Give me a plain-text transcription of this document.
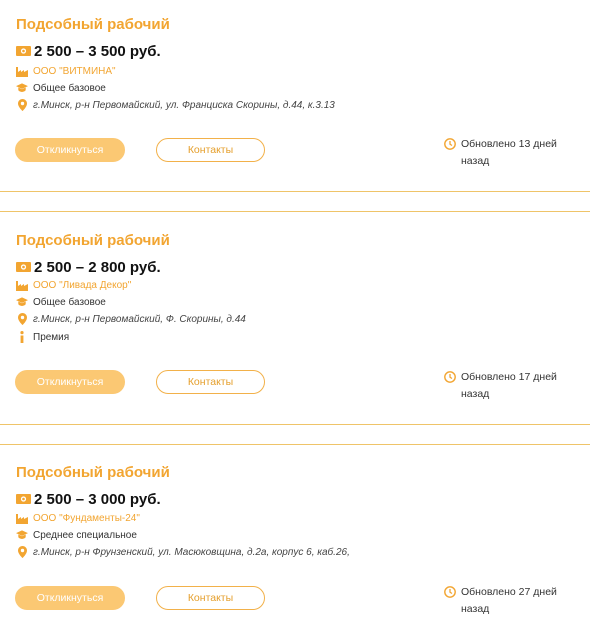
Подсобный рабочий
2 500 – 3 500 руб.
ООО "ВИТМИНА"
Общее базовое
г.Минск, р-н Первомайский, ул. Франциска Скорины, д.44, к.3.13
Откликнуться	Контакты	Обновлено 13 дней назад
Подсобный рабочий
2 500 – 2 800 руб.
ООО "Ливада Декор"
Общее базовое
г.Минск, р-н Первомайский, Ф. Скорины, д.44
Премия
Откликнуться	Контакты	Обновлено 17 дней назад
Подсобный рабочий
2 500 – 3 000 руб.
ООО "Фундаменты-24"
Среднее специальное
г.Минск, р-н Фрунзенский, ул. Масюковщина, д.2а, корпус 6, каб.26,
Откликнуться	Контакты	Обновлено 27 дней назад
